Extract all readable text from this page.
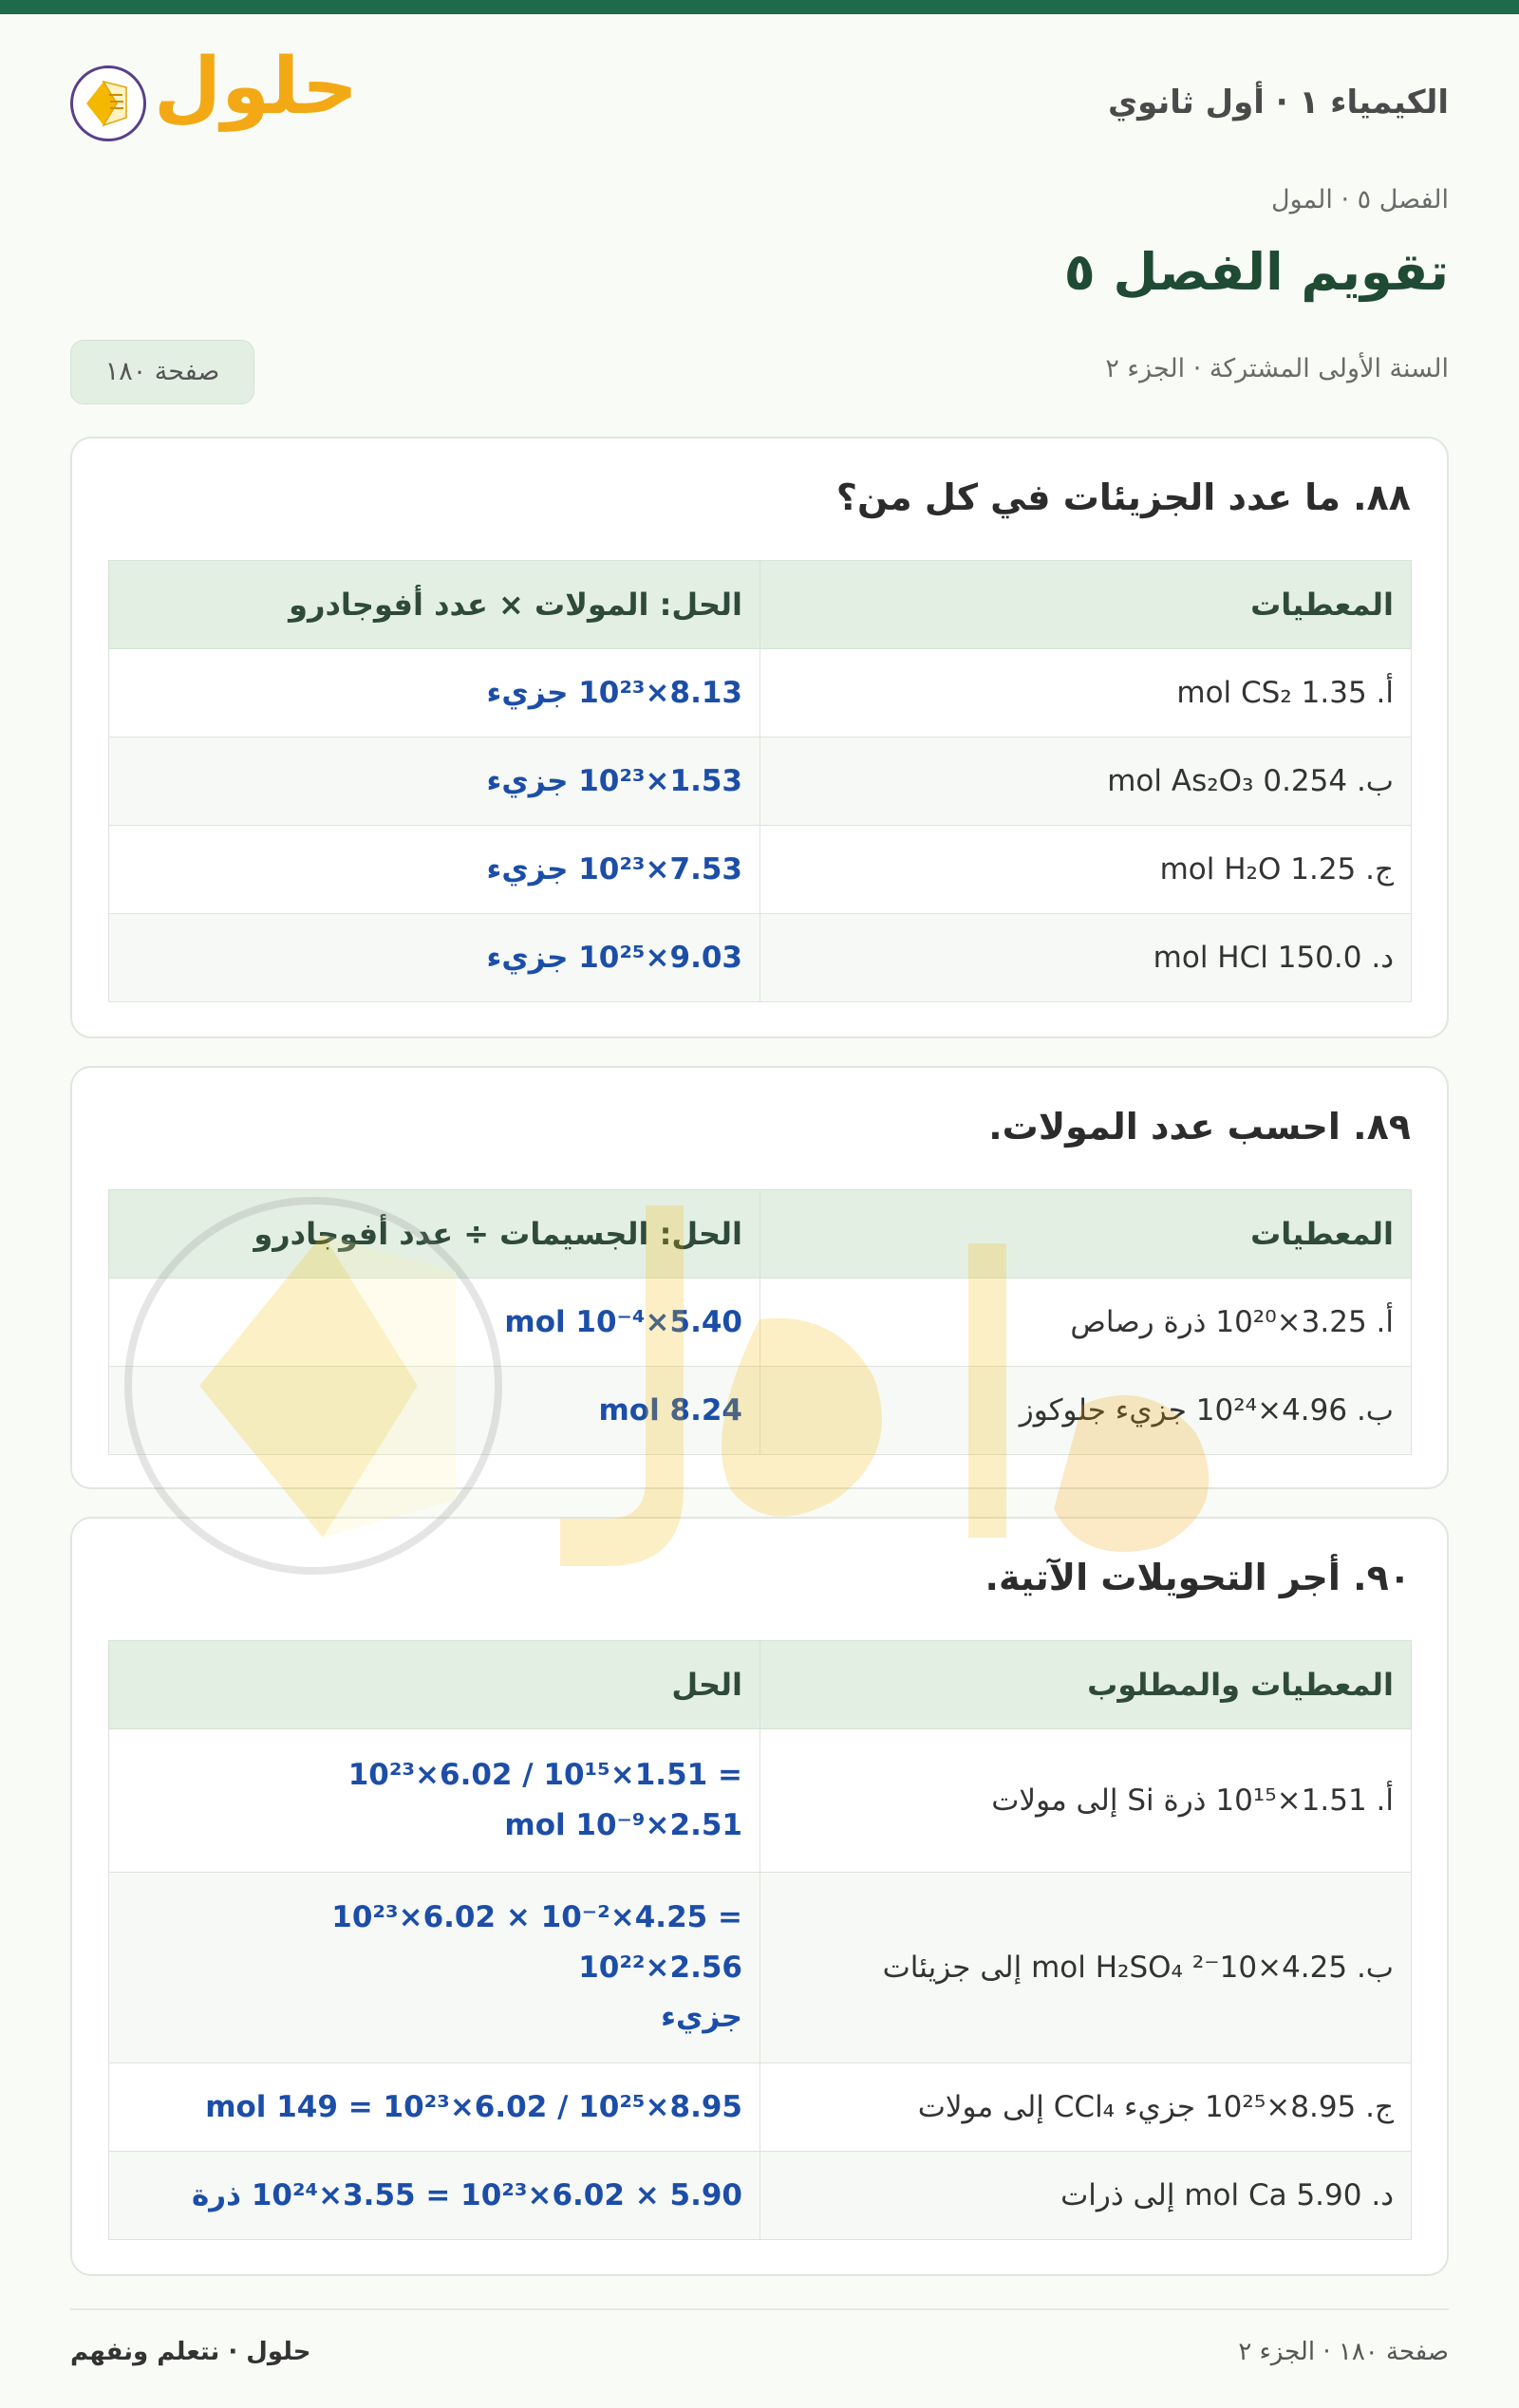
الكيمياء ١ · أول ثانوي
حلول
الفصل ٥ · المول
تقويم الفصل ٥
السنة الأولى المشتركة · الجزء ٢
صفحة ١٨٠
٨٨. ما عدد الجزيئات في كل من؟
المعطيات	الحل: المولات × عدد أفوجادرو
أ. 1.35 mol CS₂	8.13×10²³ جزيء
ب. 0.254 mol As₂O₃	1.53×10²³ جزيء
ج. 1.25 mol H₂O	7.53×10²³ جزيء
د. 150.0 mol HCl	9.03×10²⁵ جزيء
٨٩. احسب عدد المولات.
المعطيات	الحل: الجسيمات ÷ عدد أفوجادرو
أ. 3.25×10²⁰ ذرة رصاص	5.40×10⁻⁴ mol
ب. 4.96×10²⁴ جزيء جلوكوز	8.24 mol
٩٠. أجر التحويلات الآتية.
المعطيات والمطلوب	الحل
أ. 1.51×10¹⁵ ذرة Si إلى مولات	= 1.51×10¹⁵ / 6.02×10²³
2.51×10⁻⁹ mol

ب. 4.25×10⁻² mol H₂SO₄ إلى جزيئات	= 4.25×10⁻² × 6.02×10²³
2.56×10²²
جزيء

ج. 8.95×10²⁵ جزيء CCl₄ إلى مولات	8.95×10²⁵ / 6.02×10²³ = 149 mol
د. 5.90 mol Ca إلى ذرات	5.90 × 6.02×10²³ = 3.55×10²⁴ ذرة
صفحة ١٨٠ · الجزء ٢
حلول · نتعلم ونفهم
